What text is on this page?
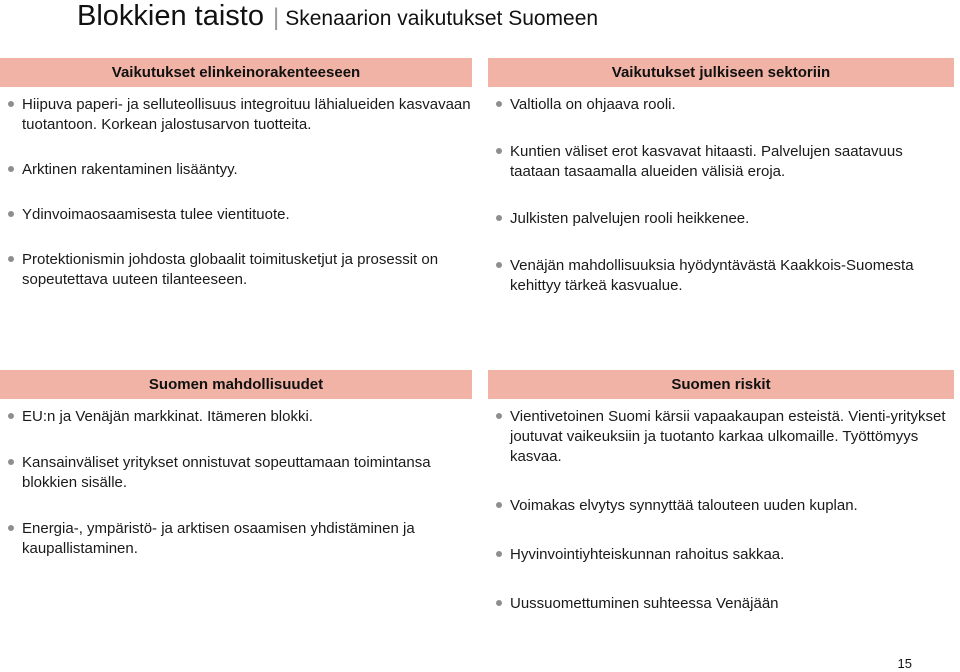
Blokkien taisto | Skenaarion vaikutukset Suomeen
Vaikutukset elinkeinorakenteeseen
Hiipuva paperi- ja selluteollisuus integroituu lähialueiden kasvavaan tuotantoon. Korkean jalostusarvon tuotteita.
Arktinen rakentaminen lisääntyy.
Ydinvoimaosaamisesta tulee vientituote.
Protektionismin johdosta globaalit toimitusketjut ja prosessit on sopeutettava uuteen tilanteeseen.
Vaikutukset julkiseen sektoriin
Valtiolla on ohjaava rooli.
Kuntien väliset erot kasvavat hitaasti. Palvelujen saatavuus taataan tasaamalla alueiden välisiä eroja.
Julkisten palvelujen rooli heikkenee.
Venäjän mahdollisuuksia hyödyntävästä Kaakkois-Suomesta kehittyy tärkeä kasvualue.
Suomen mahdollisuudet
EU:n ja Venäjän markkinat. Itämeren blokki.
Kansainväliset yritykset onnistuvat sopeuttamaan toimintansa blokkien sisälle.
Energia-, ympäristö- ja arktisen osaamisen yhdistäminen ja kaupallistaminen.
Suomen riskit
Vientivetoinen Suomi kärsii vapaakaupan esteistä. Vienti-yritykset joutuvat vaikeuksiin ja tuotanto karkaa ulkomaille. Työttömyys kasvaa.
Voimakas elvytys synnyttää talouteen uuden kuplan.
Hyvinvointiyhteiskunnan rahoitus sakkaa.
Uussuomettuminen suhteessa Venäjään
15
